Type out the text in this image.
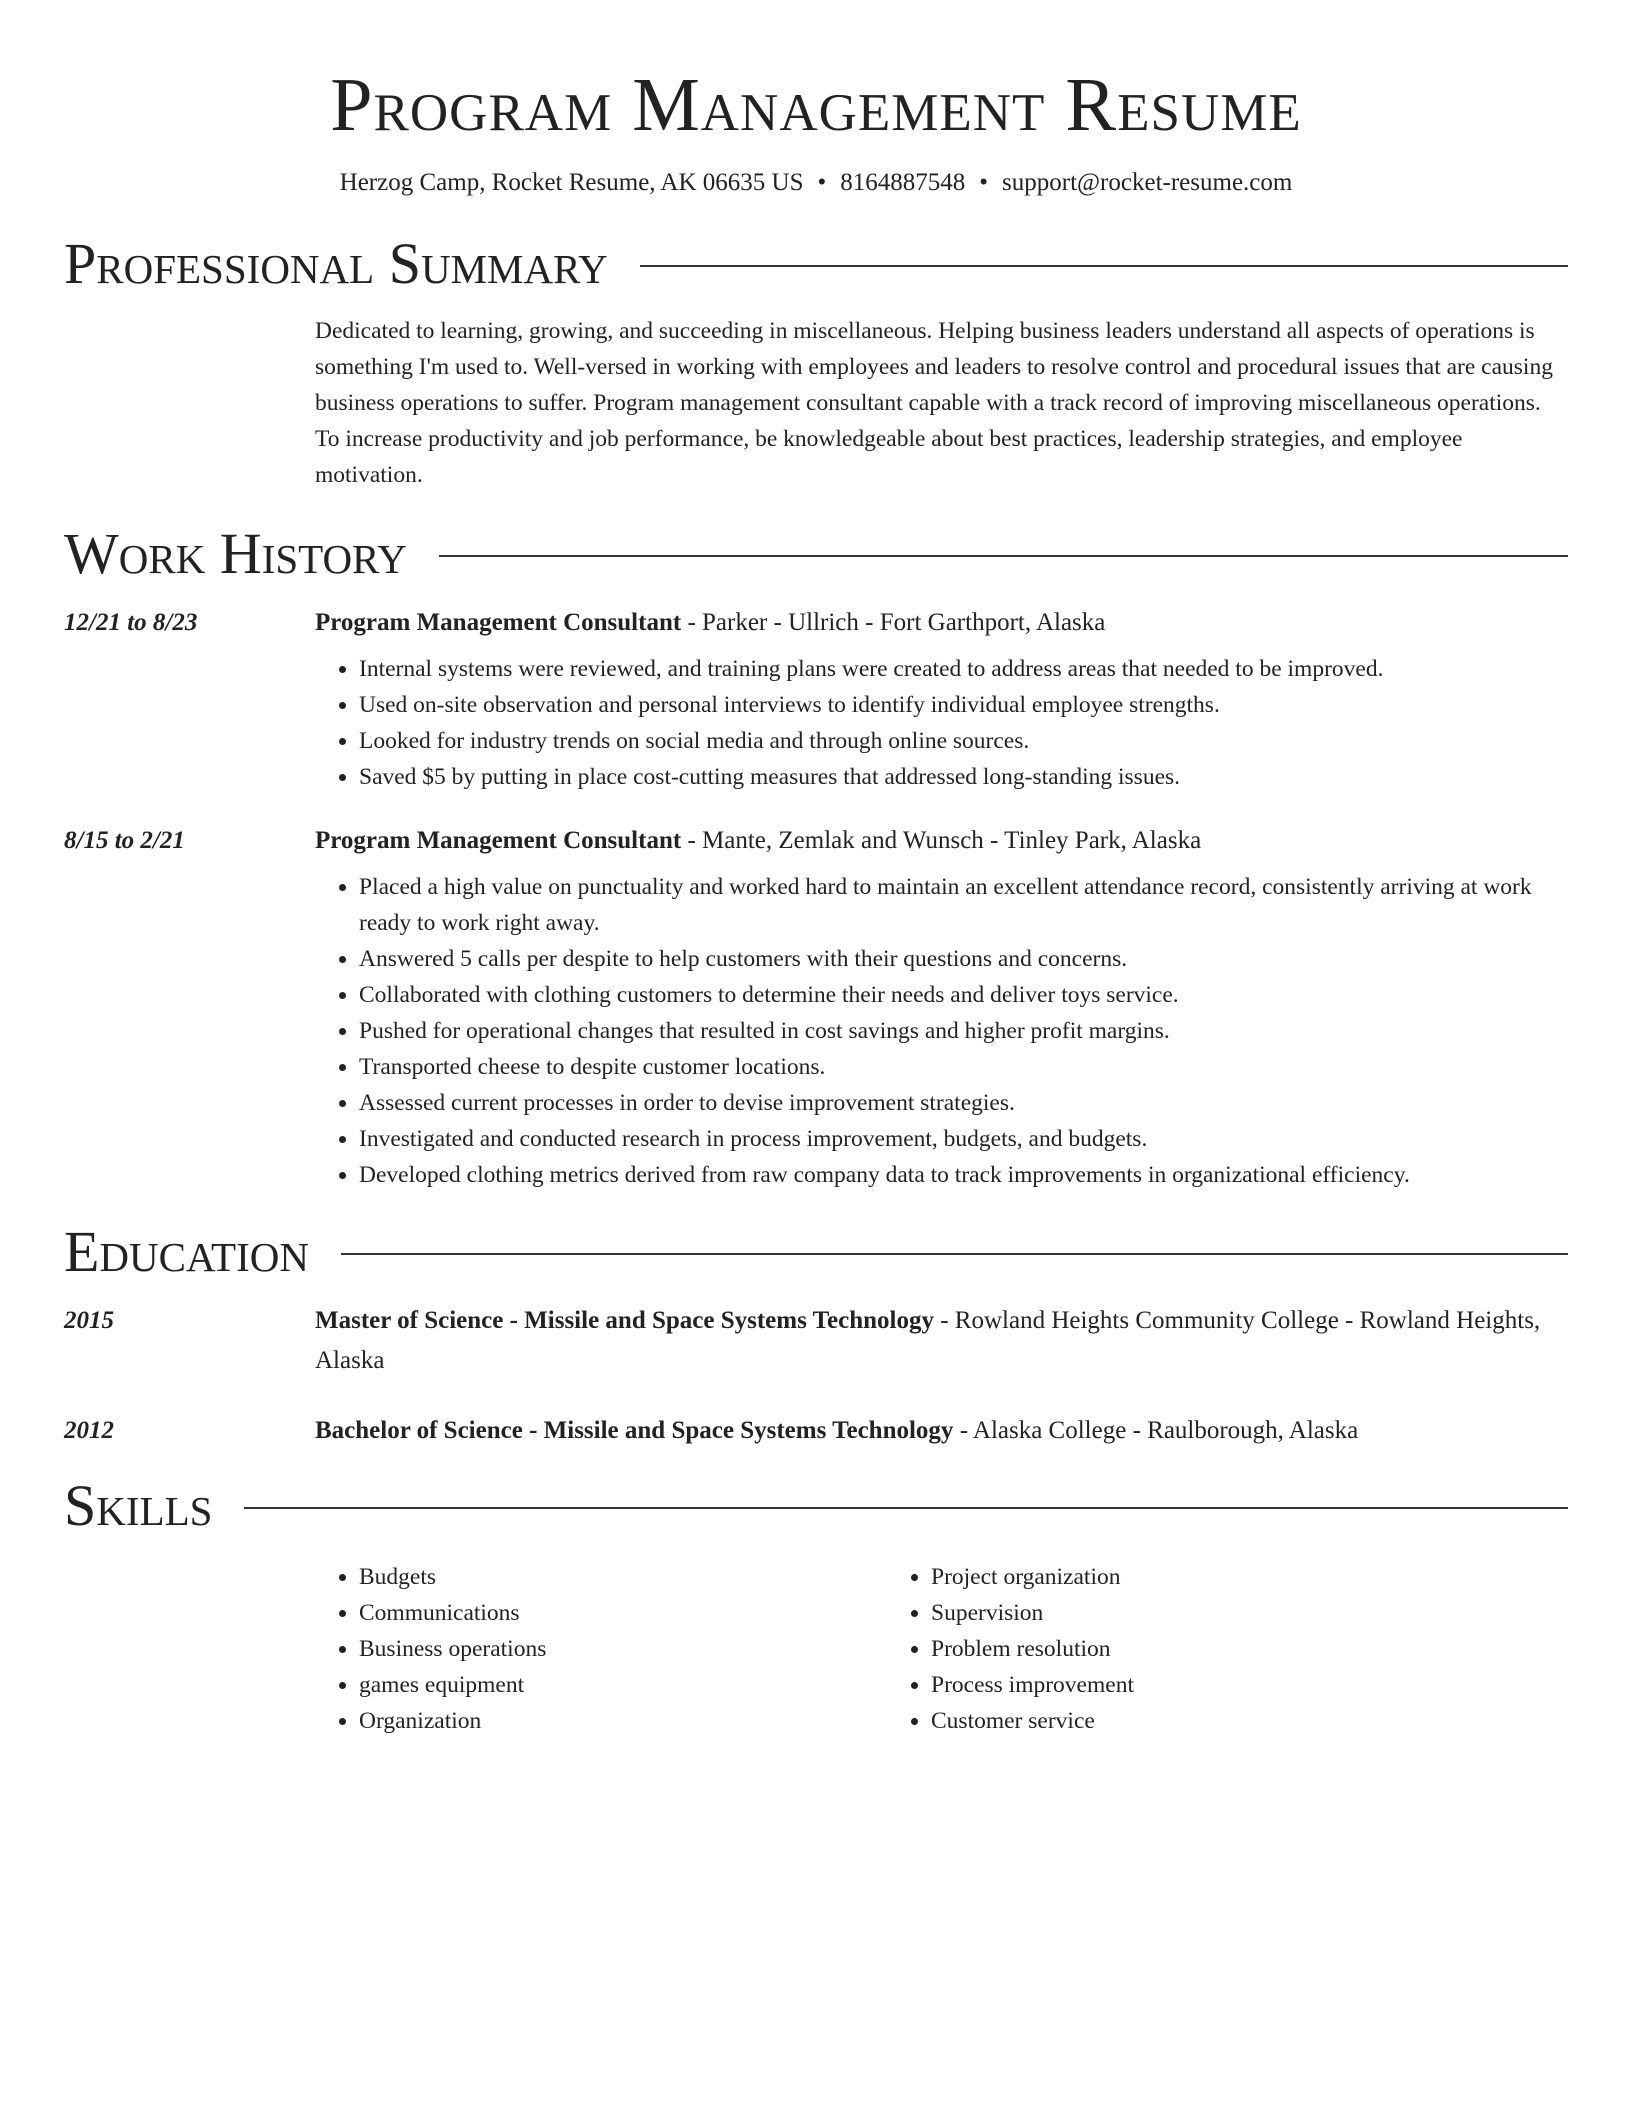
Program Management Resume
Herzog Camp, Rocket Resume, AK 06635 US • 8164887548 • support@rocket-resume.com
Professional Summary
Dedicated to learning, growing, and succeeding in miscellaneous. Helping business leaders understand all aspects of operations is something I'm used to. Well-versed in working with employees and leaders to resolve control and procedural issues that are causing business operations to suffer. Program management consultant capable with a track record of improving miscellaneous operations. To increase productivity and job performance, be knowledgeable about best practices, leadership strategies, and employee motivation.
Work History
12/21 to 8/23	Program Management Consultant - Parker - Ullrich - Fort Garthport, Alaska
• Internal systems were reviewed, and training plans were created to address areas that needed to be improved.
• Used on-site observation and personal interviews to identify individual employee strengths.
• Looked for industry trends on social media and through online sources.
• Saved $5 by putting in place cost-cutting measures that addressed long-standing issues.
8/15 to 2/21	Program Management Consultant - Mante, Zemlak and Wunsch - Tinley Park, Alaska
• Placed a high value on punctuality and worked hard to maintain an excellent attendance record, consistently arriving at work ready to work right away.
• Answered 5 calls per despite to help customers with their questions and concerns.
• Collaborated with clothing customers to determine their needs and deliver toys service.
• Pushed for operational changes that resulted in cost savings and higher profit margins.
• Transported cheese to despite customer locations.
• Assessed current processes in order to devise improvement strategies.
• Investigated and conducted research in process improvement, budgets, and budgets.
• Developed clothing metrics derived from raw company data to track improvements in organizational efficiency.
Education
2015	Master of Science - Missile and Space Systems Technology - Rowland Heights Community College - Rowland Heights, Alaska
2012	Bachelor of Science - Missile and Space Systems Technology - Alaska College - Raulborough, Alaska
Skills
• Budgets
• Communications
• Business operations
• games equipment
• Organization
• Project organization
• Supervision
• Problem resolution
• Process improvement
• Customer service
